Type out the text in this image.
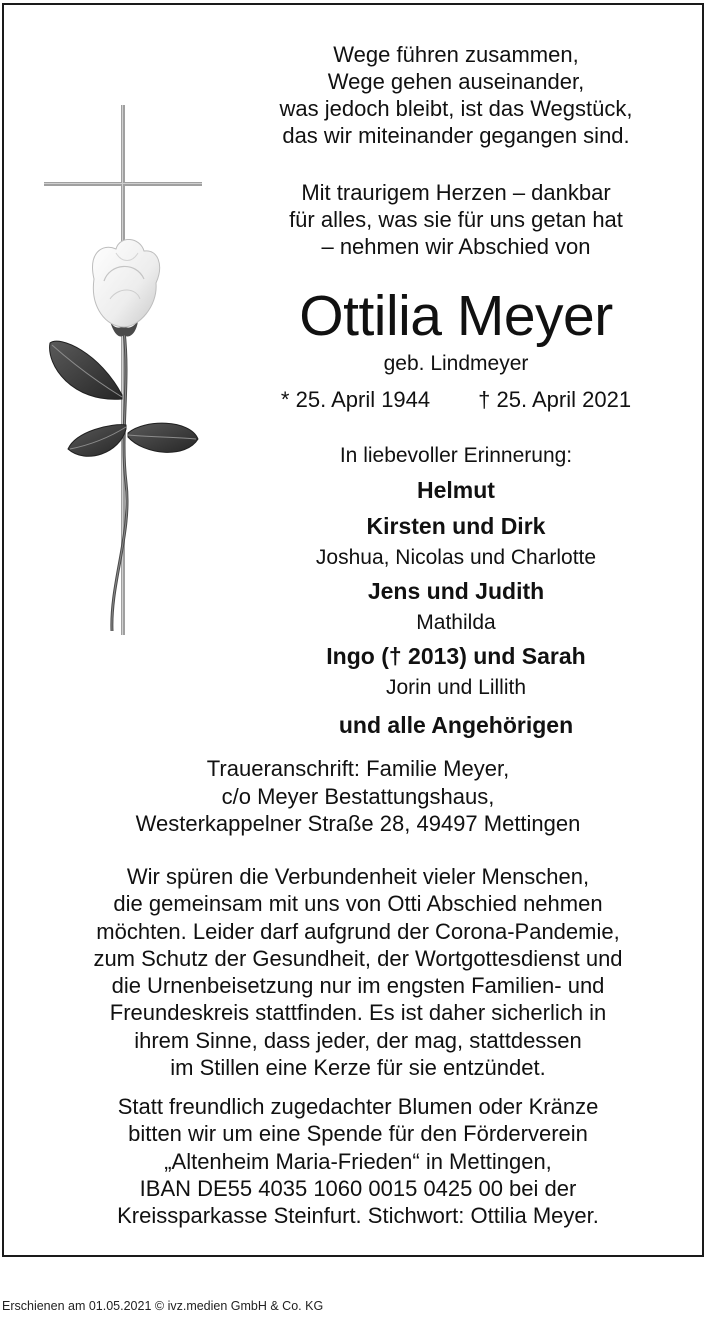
Wege führen zusammen,
Wege gehen auseinander,
was jedoch bleibt, ist das Wegstück,
das wir miteinander gegangen sind.
Mit traurigem Herzen – dankbar
für alles, was sie für uns getan hat
– nehmen wir Abschied von
Ottilia Meyer
geb. Lindmeyer
* 25. April 1944 † 25. April 2021
In liebevoller Erinnerung:
Helmut
Kirsten und Dirk
Joshua, Nicolas und Charlotte
Jens und Judith
Mathilda
Ingo († 2013) und Sarah
Jorin und Lillith
und alle Angehörigen
Traueranschrift: Familie Meyer,
c/o Meyer Bestattungshaus,
Westerkappelner Straße 28, 49497 Mettingen
Wir spüren die Verbundenheit vieler Menschen,
die gemeinsam mit uns von Otti Abschied nehmen
möchten. Leider darf aufgrund der Corona-Pandemie,
zum Schutz der Gesundheit, der Wortgottesdienst und
die Urnenbeisetzung nur im engsten Familien- und
Freundeskreis stattfinden. Es ist daher sicherlich in
ihrem Sinne, dass jeder, der mag, stattdessen
im Stillen eine Kerze für sie entzündet.
Statt freundlich zugedachter Blumen oder Kränze
bitten wir um eine Spende für den Förderverein
„Altenheim Maria-Frieden“ in Mettingen,
IBAN DE55 4035 1060 0015 0425 00 bei der
Kreissparkasse Steinfurt. Stichwort: Ottilia Meyer.
Erschienen am 01.05.2021 © ivz.medien GmbH & Co. KG
